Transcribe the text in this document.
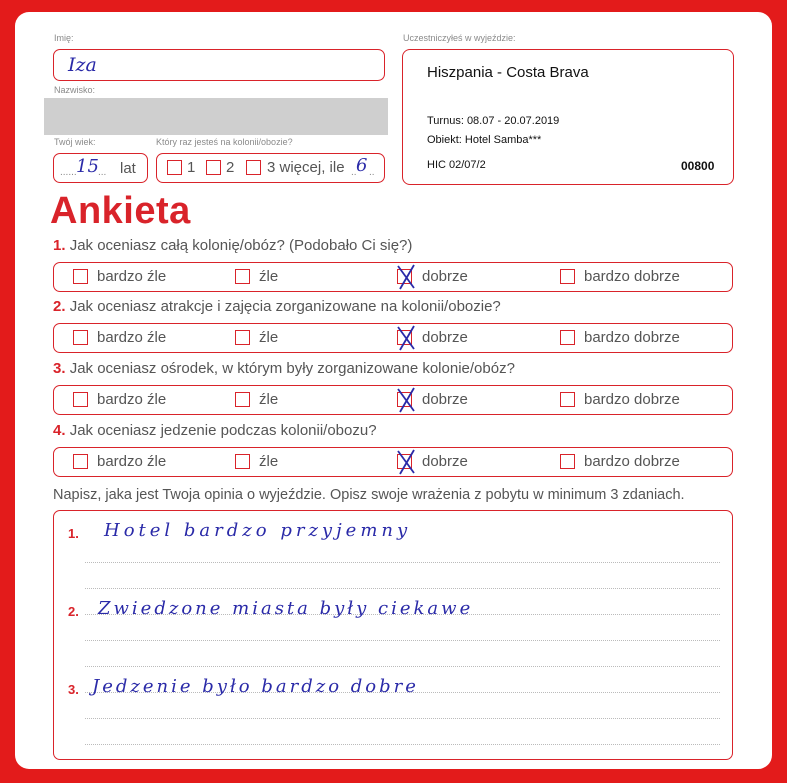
Imię:
Iza
Nazwisko:
Twój wiek:
...... 15 ... lat
Który raz jesteś na kolonii/obozie?
1 2 3 więcej, ile .. 6 ..
Uczestniczyłeś w wyjeździe:
Hiszpania - Costa Brava
Turnus: 08.07 - 20.07.2019
Obiekt: Hotel Samba***
HIC 02/07/2	00800
Ankieta
1. Jak oceniasz całą kolonię/obóz? (Podobało Ci się?)
bardzo źle	źle	dobrze	bardzo dobrze
2. Jak oceniasz atrakcje i zajęcia zorganizowane na kolonii/obozie?
bardzo źle	źle	dobrze	bardzo dobrze
3. Jak oceniasz ośrodek, w którym były zorganizowane kolonie/obóz?
bardzo źle	źle	dobrze	bardzo dobrze
4. Jak oceniasz jedzenie podczas kolonii/obozu?
bardzo źle	źle	dobrze	bardzo dobrze
Napisz, jaka jest Twoja opinia o wyjeździe. Opisz swoje wrażenia z pobytu w minimum 3 zdaniach.
1. Hotel bardzo przyjemny
2. Zwiedzone miasta były ciekawe
3. Jedzenie było bardzo dobre
